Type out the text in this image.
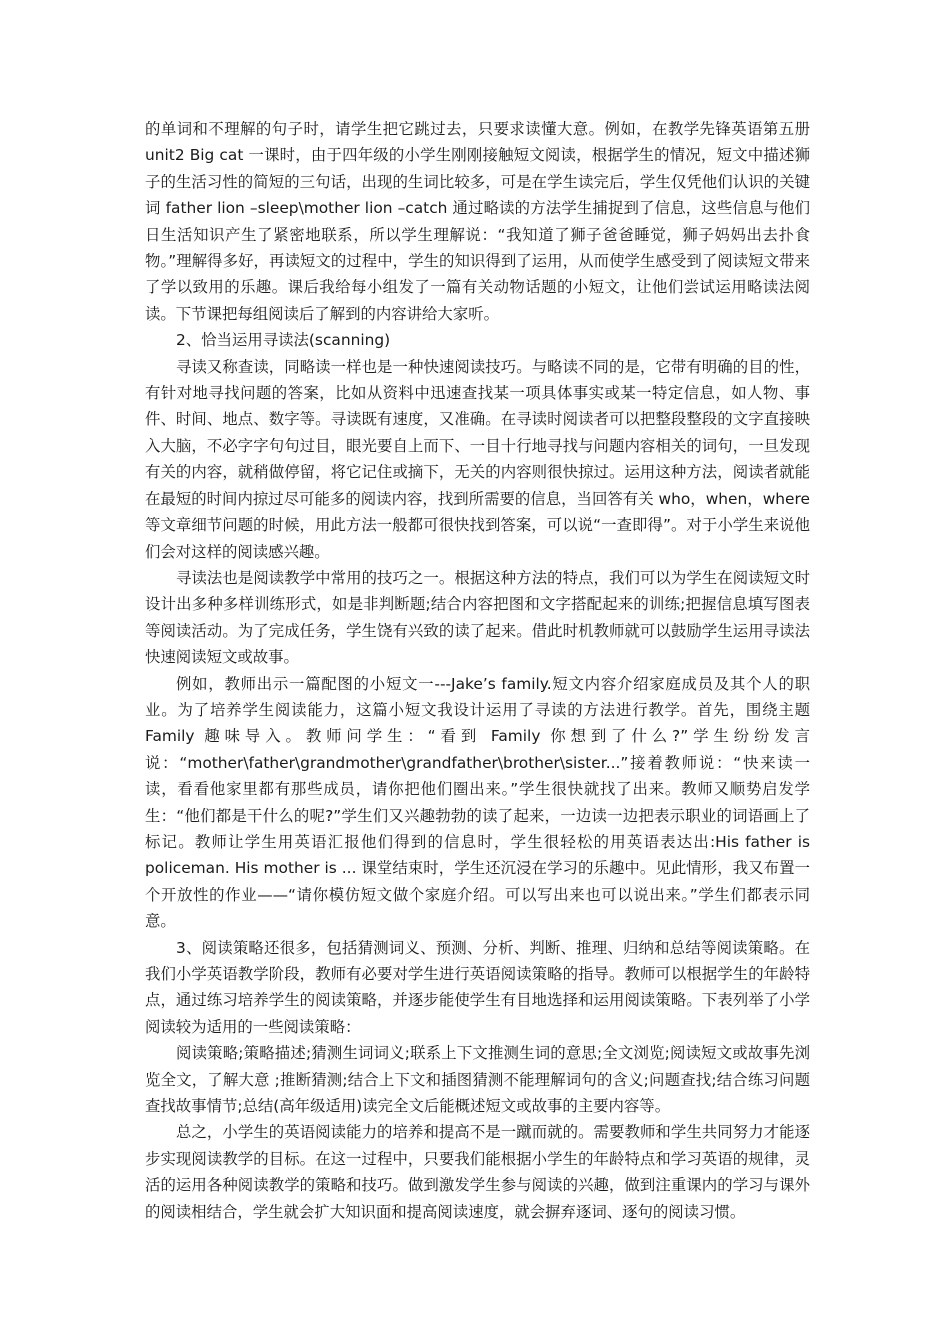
的单词和不理解的句子时，请学生把它跳过去，只要求读懂大意。例如，在教学先锋英语第五册 unit2 Big cat 一课时，由于四年级的小学生刚刚接触短文阅读，根据学生的情况，短文中描述狮子的生活习性的简短的三句话，出现的生词比较多，可是在学生读完后，学生仅凭他们认识的关键词 father lion –sleep\mother lion –catch 通过略读的方法学生捕捉到了信息，这些信息与他们日生活知识产生了紧密地联系，所以学生理解说：“我知道了狮子爸爸睡觉，狮子妈妈出去扑食物。”理解得多好，再读短文的过程中，学生的知识得到了运用，从而使学生感受到了阅读短文带来了学以致用的乐趣。课后我给每小组发了一篇有关动物话题的小短文，让他们尝试运用略读法阅读。下节课把每组阅读后了解到的内容讲给大家听。

2、恰当运用寻读法(scanning)

寻读又称查读，同略读一样也是一种快速阅读技巧。与略读不同的是，它带有明确的目的性，有针对地寻找问题的答案，比如从资料中迅速查找某一项具体事实或某一特定信息，如人物、事件、时间、地点、数字等。寻读既有速度，又准确。在寻读时阅读者可以把整段整段的文字直接映入大脑，不必字字句句过目，眼光要自上而下、一目十行地寻找与问题内容相关的词句，一旦发现有关的内容，就稍做停留，将它记住或摘下，无关的内容则很快掠过。运用这种方法，阅读者就能在最短的时间内掠过尽可能多的阅读内容，找到所需要的信息，当回答有关 who，when，where 等文章细节问题的时候，用此方法一般都可很快找到答案，可以说“一查即得”。对于小学生来说他们会对这样的阅读感兴趣。

寻读法也是阅读教学中常用的技巧之一。根据这种方法的特点，我们可以为学生在阅读短文时设计出多种多样训练形式，如是非判断题;结合内容把图和文字搭配起来的训练;把握信息填写图表等阅读活动。为了完成任务，学生饶有兴致的读了起来。借此时机教师就可以鼓励学生运用寻读法快速阅读短文或故事。

例如，教师出示一篇配图的小短文一---Jake’s family.短文内容介绍家庭成员及其个人的职业。为了培养学生阅读能力，这篇小短文我设计运用了寻读的方法进行教学。首先，围绕主题 Family 趣味导入。教师问学生：“看到 Family 你想到了什么?”学生纷纷发言说：“mother\father\grandmother\grandfather\brother\sister...”接着教师说：“快来读一读，看看他家里都有那些成员，请你把他们圈出来。”学生很快就找了出来。教师又顺势启发学生：“他们都是干什么的呢?”学生们又兴趣勃勃的读了起来，一边读一边把表示职业的词语画上了标记。教师让学生用英语汇报他们得到的信息时，学生很轻松的用英语表达出:His father is policeman. His mother is ... 课堂结束时，学生还沉浸在学习的乐趣中。见此情形，我又布置一个开放性的作业——“请你模仿短文做个家庭介绍。可以写出来也可以说出来。”学生们都表示同意。

3、阅读策略还很多，包括猜测词义、预测、分析、判断、推理、归纳和总结等阅读策略。在我们小学英语教学阶段，教师有必要对学生进行英语阅读策略的指导。教师可以根据学生的年龄特点，通过练习培养学生的阅读策略，并逐步能使学生有目地选择和运用阅读策略。下表列举了小学阅读较为适用的一些阅读策略：

阅读策略;策略描述;猜测生词词义;联系上下文推测生词的意思;全文浏览;阅读短文或故事先浏览全文，了解大意 ;推断猜测;结合上下文和插图猜测不能理解词句的含义;问题查找;结合练习问题查找故事情节;总结(高年级适用)读完全文后能概述短文或故事的主要内容等。

总之，小学生的英语阅读能力的培养和提高不是一蹴而就的。需要教师和学生共同努力才能逐步实现阅读教学的目标。在这一过程中，只要我们能根据小学生的年龄特点和学习英语的规律，灵活的运用各种阅读教学的策略和技巧。做到激发学生参与阅读的兴趣，做到注重课内的学习与课外的阅读相结合，学生就会扩大知识面和提高阅读速度，就会摒弃逐词、逐句的阅读习惯。
